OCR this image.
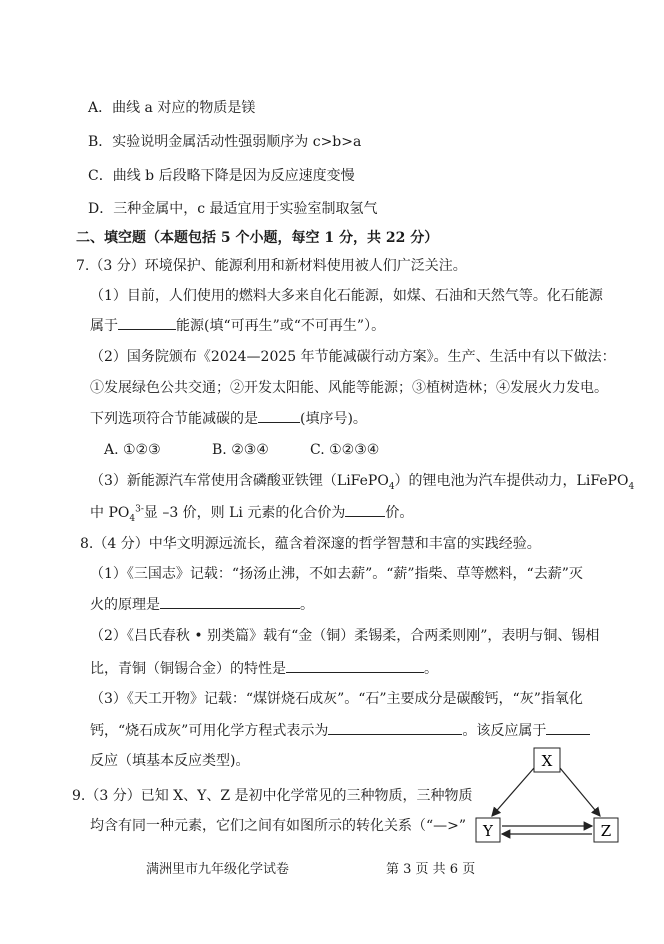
A．曲线 a 对应的物质是镁
B．实验说明金属活动性强弱顺序为 c>b>a
C．曲线 b 后段略下降是因为反应速度变慢
D．三种金属中，c 最适宜用于实验室制取氢气
二、填空题（本题包括 5 个小题，每空 1 分，共 22 分）
7.（3 分）环境保护、能源利用和新材料使用被人们广泛关注。
（1）目前，人们使用的燃料大多来自化石能源，如煤、石油和天然气等。化石能源
属于	能源(填“可再生”或“不可再生”）。
（2）国务院颁布《2024—2025 年节能减碳行动方案》。生产、生活中有以下做法：
①发展绿色公共交通；②开发太阳能、风能等能源；③植树造林；④发展火力发电。
下列选项符合节能减碳的是	(填序号)。
A. ①②③	B. ②③④	C. ①②③④
（3）新能源汽车常使用含磷酸亚铁锂（LiFePO$_4$）的锂电池为汽车提供动力，LiFePO$_4$
中 $PO_4^{3-}$显 –3 价，则 Li 元素的化合价为	价。
8.（4 分）中华文明源远流长，蕴含着深邃的哲学智慧和丰富的实践经验。
（1）《三国志》记载：“扬汤止沸，不如去薪”。“薪”指柴、草等燃料，“去薪”灭
火的原理是	。
（2）《吕氏春秋 • 别类篇》载有“金（铜）柔锡柔，合两柔则刚”，表明与铜、锡相
比，青铜（铜锡合金）的特性是	。
（3）《天工开物》记载：“煤饼烧石成灰”。“石”主要成分是碳酸钙，“灰”指氧化
钙，“烧石成灰”可用化学方程式表示为	。该反应属于
反应（填基本反应类型)。
9.（3 分）已知 X、Y、Z 是初中化学常见的三种物质，三种物质
均含有同一种元素，它们之间有如图所示的转化关系（“—>”
X
Y	Z
满洲里市九年级化学试卷	第 3 页 共 6 页
